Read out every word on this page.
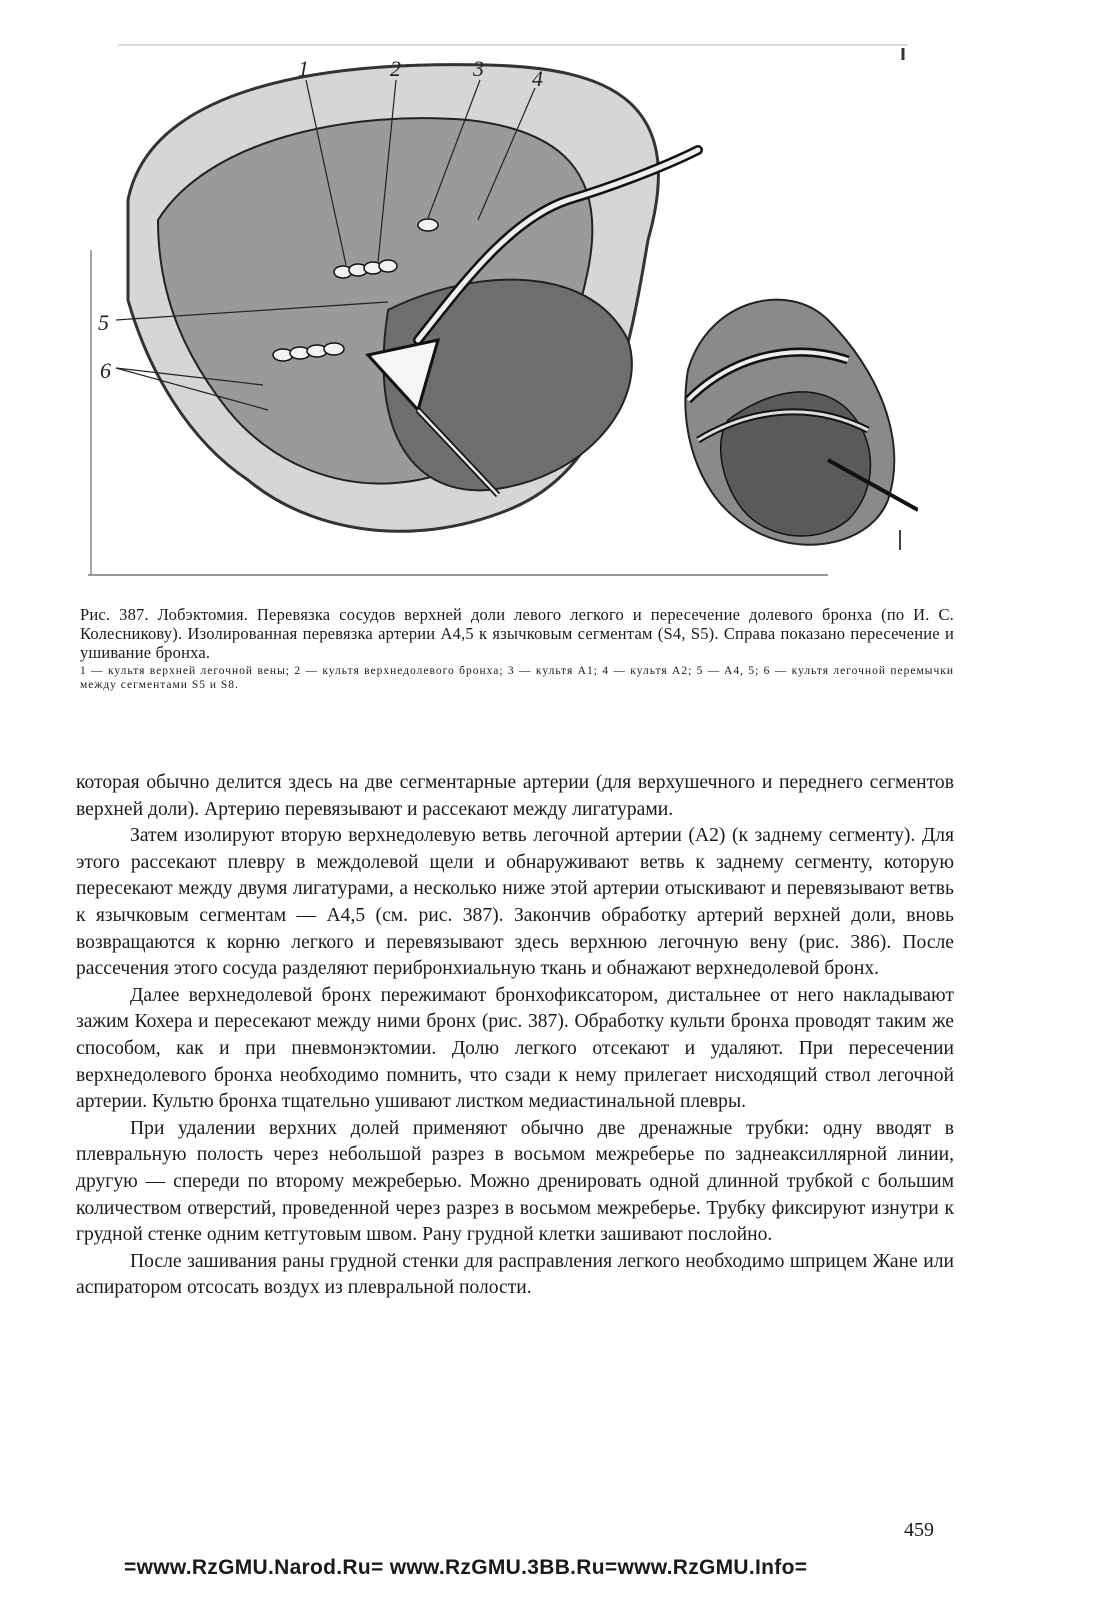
1	2	3 4
5
6
Рис. 387. Лобэктомия. Перевязка сосудов верхней доли левого легкого и пересечение долевого бронха (по И. С. Колесникову). Изолированная перевязка артерии A4,5 к язычковым сегментам (S4, S5). Справа показано пересечение и ушивание бронха.
1 — культя верхней легочной вены; 2 — культя верхнедолевого бронха; 3 — культя A1; 4 — культя A2; 5 — A4, 5; 6 — культя легочной перемычки между сегментами S5 и S8.

которая обычно делится здесь на две сегментарные артерии (для верхушечного и переднего сегментов верхней доли). Артерию перевязывают и рассекают между лигатурами.

Затем изолируют вторую верхнедолевую ветвь легочной артерии (A2) (к заднему сегменту). Для этого рассекают плевру в междолевой щели и обнаруживают ветвь к заднему сегменту, которую пересекают между двумя лигатурами, а несколько ниже этой артерии отыскивают и перевязывают ветвь к язычковым сегментам — A4,5 (см. рис. 387). Закончив обработку артерий верхней доли, вновь возвращаются к корню легкого и перевязывают здесь верхнюю легочную вену (рис. 386). После рассечения этого сосуда разделяют перибронхиальную ткань и обнажают верхнедолевой бронх.

Далее верхнедолевой бронх пережимают бронхофиксатором, дистальнее от него накладывают зажим Кохера и пересекают между ними бронх (рис. 387). Обработку культи бронха проводят таким же способом, как и при пневмонэктомии. Долю легкого отсекают и удаляют. При пересечении верхнедолевого бронха необходимо помнить, что сзади к нему прилегает нисходящий ствол легочной артерии. Культю бронха тщательно ушивают листком медиастинальной плевры.

При удалении верхних долей применяют обычно две дренажные трубки: одну вводят в плевральную полость через небольшой разрез в восьмом межреберье по заднеаксиллярной линии, другую — спереди по второму межреберью. Можно дренировать одной длинной трубкой с большим количеством отверстий, проведенной через разрез в восьмом межреберье. Трубку фиксируют изнутри к грудной стенке одним кетгутовым швом. Рану грудной клетки зашивают послойно.

После зашивания раны грудной стенки для расправления легкого необходимо шприцем Жане или аспиратором отсосать воздух из плевральной полости.

459
=www.RzGMU.Narod.Ru= www.RzGMU.3BB.Ru=www.RzGMU.Info=
